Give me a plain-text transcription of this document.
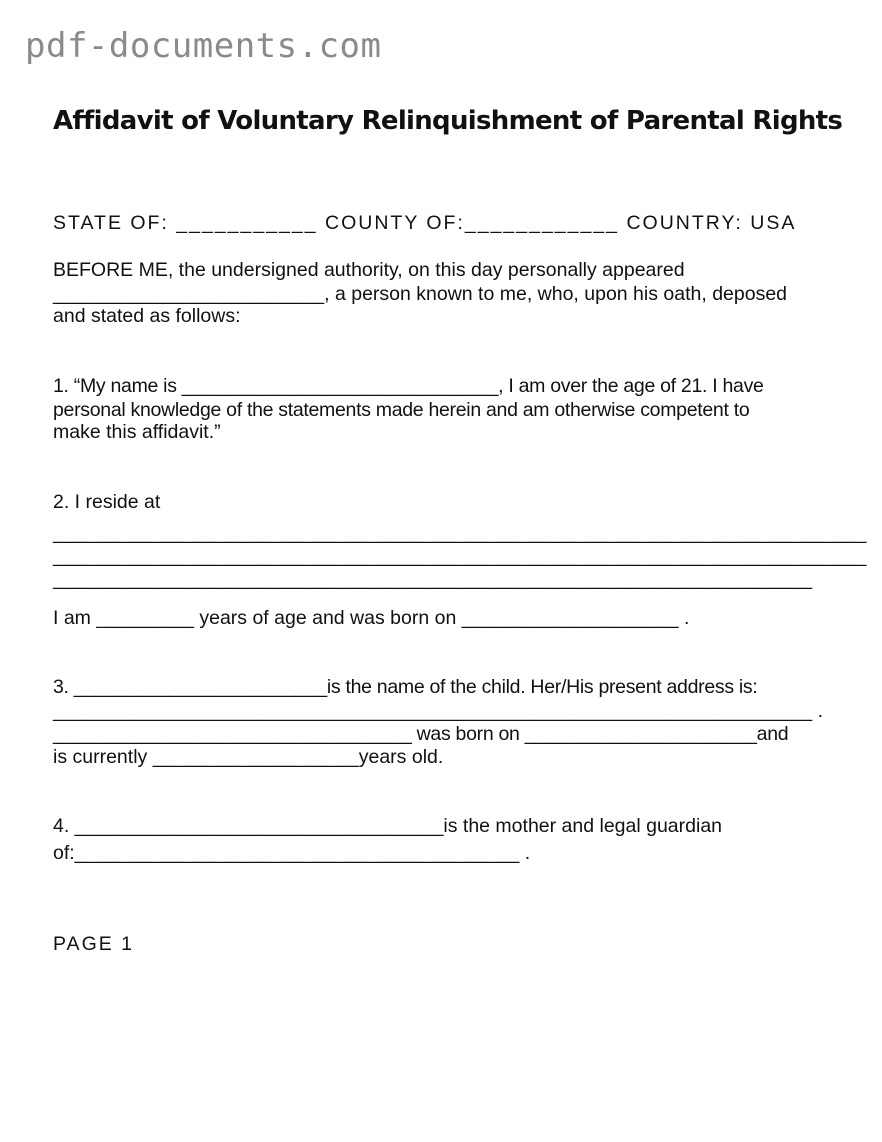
pdf-documents.com
Affidavit of Voluntary Relinquishment of Parental Rights
STATE OF: ___________ COUNTY OF:____________ COUNTRY: USA
BEFORE ME, the undersigned authority, on this day personally appeared
_________________________, a person known to me, who, upon his oath, deposed
and stated as follows:
1. “My name is ______________________________, I am over the age of 21. I have
personal knowledge of the statements made herein and am otherwise competent to
make this affidavit.”
2. I reside at
___________________________________________________________________________
___________________________________________________________________________
______________________________________________________________________
I am _________ years of age and was born on ____________________ .
3. ________________________is the name of the child. Her/His present address is:
______________________________________________________________________ .
__________________________________ was born on ______________________and
is currently ___________________years old.
4. __________________________________is the mother and legal guardian
of:_________________________________________ .
PAGE 1
